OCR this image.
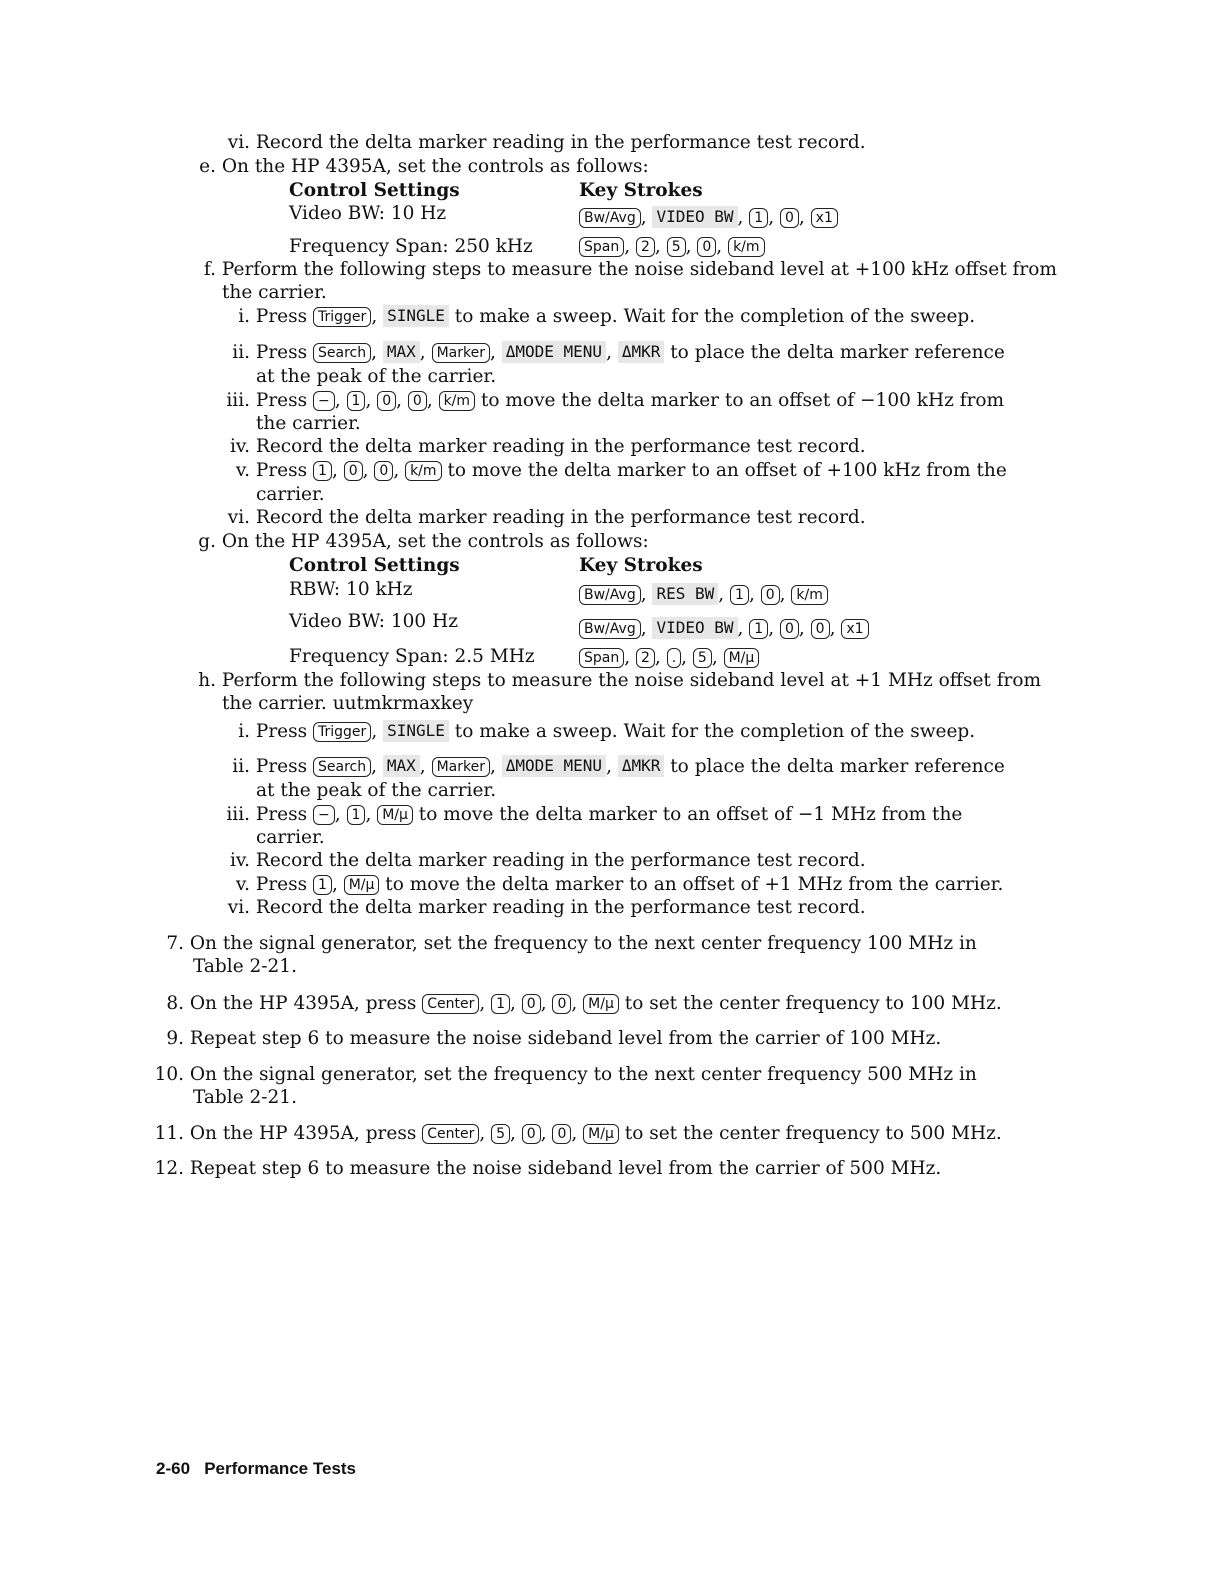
vi. Record the delta marker reading in the performance test record.
e. On the HP 4395A, set the controls as follows:
Control Settings	Key Strokes
Video BW: 10 Hz	Bw/Avg , VIDEO BW , 1 , 0 , x1
Frequency Span: 250 kHz	Span , 2 , 5 , 0 , k/m
f. Perform the following steps to measure the noise sideband level at +100 kHz offset from
the carrier.
i. Press Trigger , SINGLE to make a sweep. Wait for the completion of the sweep.
ii. Press Search , MAX , Marker , ΔMODE MENU , ΔMKR to place the delta marker reference
at the peak of the carrier.
iii. Press − , 1 , 0 , 0 , k/m to move the delta marker to an offset of −100 kHz from
the carrier.
iv. Record the delta marker reading in the performance test record.
v. Press 1 , 0 , 0 , k/m to move the delta marker to an offset of +100 kHz from the
carrier.
vi. Record the delta marker reading in the performance test record.
g. On the HP 4395A, set the controls as follows:
Control Settings	Key Strokes
RBW: 10 kHz	Bw/Avg , RES BW , 1 , 0 , k/m
Video BW: 100 Hz	Bw/Avg , VIDEO BW , 1 , 0 , 0 , x1
Frequency Span: 2.5 MHz	Span , 2 , . , 5 , M/μ
h. Perform the following steps to measure the noise sideband level at +1 MHz offset from
the carrier. uutmkrmaxkey
i. Press Trigger , SINGLE to make a sweep. Wait for the completion of the sweep.
ii. Press Search , MAX , Marker , ΔMODE MENU , ΔMKR to place the delta marker reference
at the peak of the carrier.
iii. Press − , 1 , M/μ to move the delta marker to an offset of −1 MHz from the
carrier.
iv. Record the delta marker reading in the performance test record.
v. Press 1 , M/μ to move the delta marker to an offset of +1 MHz from the carrier.
vi. Record the delta marker reading in the performance test record.
7. On the signal generator, set the frequency to the next center frequency 100 MHz in
Table 2-21.
8. On the HP 4395A, press Center , 1 , 0 , 0 , M/μ to set the center frequency to 100 MHz.
9. Repeat step 6 to measure the noise sideband level from the carrier of 100 MHz.
10. On the signal generator, set the frequency to the next center frequency 500 MHz in
Table 2-21.
11. On the HP 4395A, press Center , 5 , 0 , 0 , M/μ to set the center frequency to 500 MHz.
12. Repeat step 6 to measure the noise sideband level from the carrier of 500 MHz.
2-60 Performance Tests
